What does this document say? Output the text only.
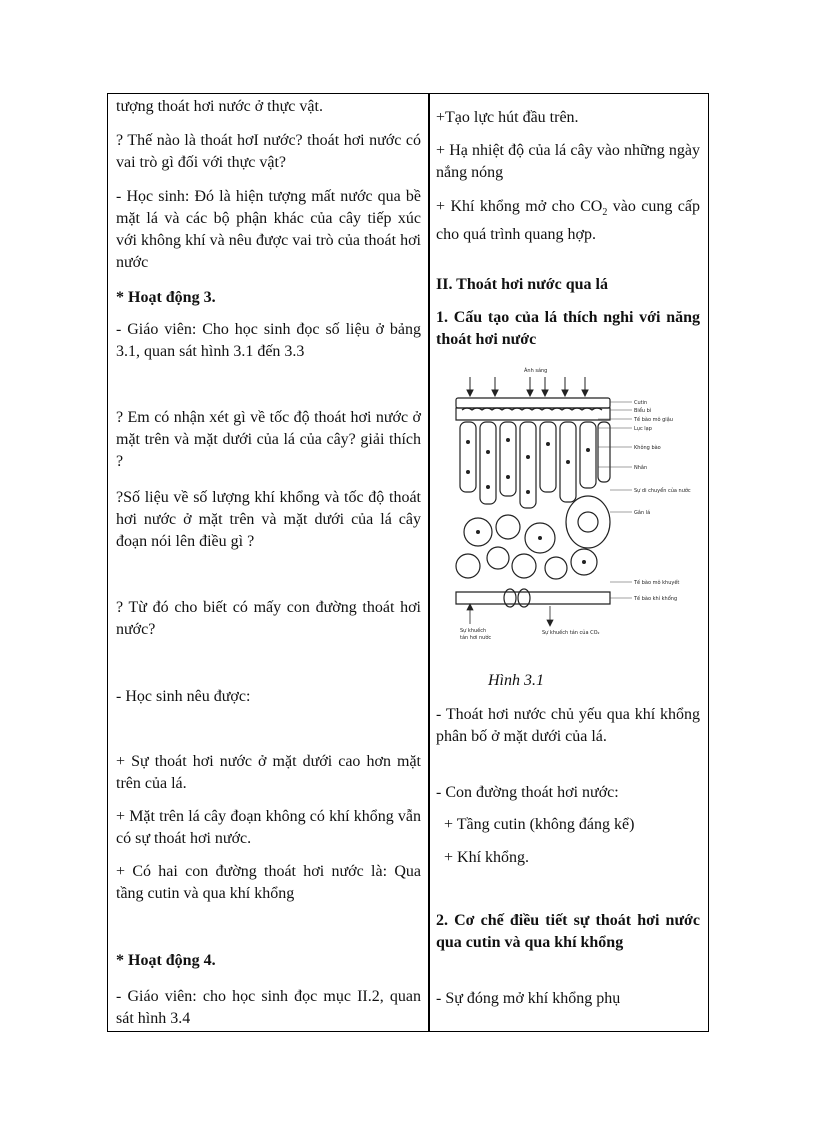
tượng thoát hơi nước ở thực vật.
? Thế nào là thoát hơI nước? thoát hơi nước có vai trò gì đối với thực vật?
- Học sinh: Đó là hiện tượng mất nước qua bề mặt lá và các bộ phận khác của cây tiếp xúc với không khí và nêu được vai trò của thoát hơi nước
* Hoạt động 3.
- Giáo viên: Cho học sinh đọc số liệu ở bảng 3.1, quan sát hình 3.1 đến 3.3
? Em có nhận xét gì về tốc độ thoát hơi nước ở mặt trên và mặt dưới của lá của cây? giải thích ?
?Số liệu về số lượng khí khổng và tốc độ thoát hơi nước ở mặt trên và mặt dưới của lá cây đoạn nói lên điều gì ?
? Từ đó cho biết có mấy con đường thoát hơi nước?
- Học sinh nêu được:
+ Sự thoát hơi nước ở mặt dưới cao hơn mặt trên của lá.
+ Mặt trên lá cây đoạn không có khí khổng vẫn có sự thoát hơi nước.
+ Có hai con đường thoát hơi nước là: Qua tầng cutin và qua khí khổng
* Hoạt động 4.
- Giáo viên: cho học sinh đọc mục II.2, quan sát hình 3.4
+Tạo lực hút đầu trên.
+ Hạ nhiệt độ của lá cây vào những ngày nắng nóng
+ Khí khổng mở cho $CO_2$ vào cung cấp cho quá trình quang hợp.
II. Thoát hơi nước qua lá
1. Cấu tạo của lá thích nghi với năng thoát hơi nước
Ánh sáng
Cutin
Biểu bì
Tế bào mô giậu
Lục lạp
Không bào
Nhân
Sự di chuyển của nước
Gân lá
Tế bào mô khuyết
Tế bào khí khổng
Sự khuếch
tán hơi nước
Sự khuếch tán của CO₂
Hình 3.1
- Thoát hơi nước chủ yếu qua khí khổng phân bố ở mặt dưới của lá.
- Con đường thoát hơi nước:
+ Tầng cutin (không đáng kể)
+ Khí khổng.
2. Cơ chế điều tiết sự thoát hơi nước qua cutin và qua khí khổng
- Sự đóng mở khí khổng phụ
